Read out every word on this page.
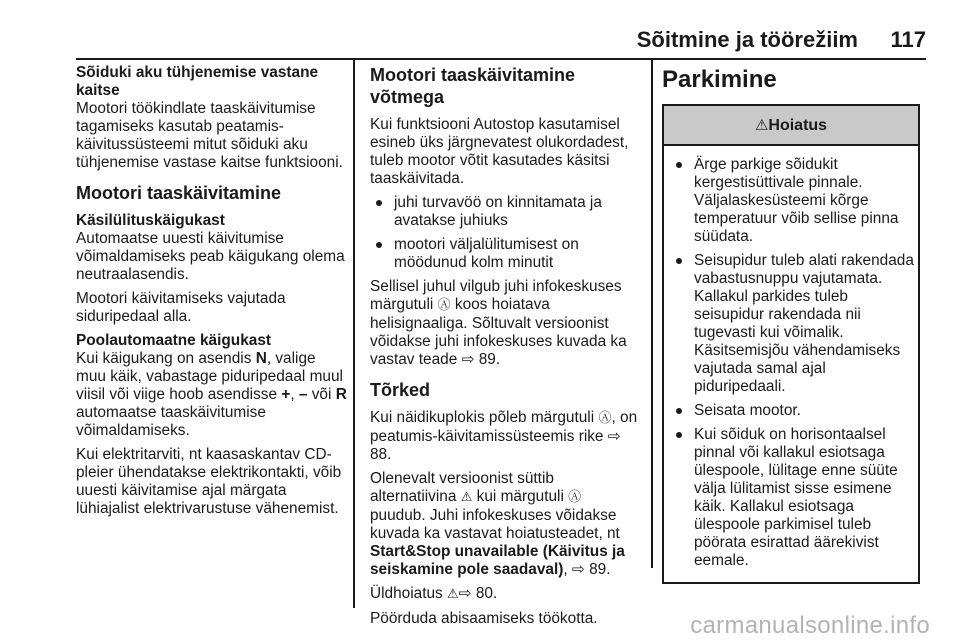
Sõitmine ja töörežiim 117
Sõiduki aku tühjenemise vastane kaitse

Mootori töökindlate taaskäivitumise tagamiseks kasutab peatamis-käivitussüsteemi mitut sõiduki aku tühjenemise vastase kaitse funktsiooni.

Mootori taaskäivitamine
Käsilülituskäigukast

Automaatse uuesti käivitumise võimaldamiseks peab käigukang olema neutraalasendis.

Mootori käivitamiseks vajutada siduripedaal alla.

Poolautomaatne käigukast

Kui käigukang on asendis N, valige muu käik, vabastage piduripedaal muul viisil või viige hoob asendisse +, – või R automaatse taaskäivitumise võimaldamiseks.

Kui elektritarviti, nt kaasaskantav CD-pleier ühendatakse elektrikontakti, võib uuesti käivitamise ajal märgata lühiajalist elektrivarustuse vähenemist.

Mootori taaskäivitamine võtmega

Kui funktsiooni Autostop kasutamisel esineb üks järgnevatest olukordadest, tuleb mootor võtit kasutades käsitsi taaskäivitada.

juhi turvavöö on kinnitamata ja avatakse juhiuks
mootori väljalülitumisest on möödunud kolm minutit

Sellisel juhul vilgub juhi infokeskuses märgutuli Ⓐ koos hoiatava helisignaaliga. Sõltuvalt versioonist võidakse juhi infokeskuses kuvada ka vastav teade ⇨ 89.

Tõrked

Kui näidikuplokis põleb märgutuli Ⓐ, on peatumis-käivitamissüsteemis rike ⇨ 88.

Olenevalt versioonist süttib alternatiivina ⚠ kui märgutuli Ⓐ puudub. Juhi infokeskuses võidakse kuvada ka vastavat hoiatusteadet, nt Start&Stop unavailable (Käivitus ja seiskamine pole saadaval), ⇨ 89.

Üldhoiatus ⚠⇨ 80.

Pöörduda abisaamiseks töökotta.

Parkimine
⚠Hoiatus
Ärge parkige sõidukit kergestisüttivale pinnale. Väljalaskesüsteemi kõrge temperatuur võib sellise pinna süüdata.
Seisupidur tuleb alati rakendada vabastusnuppu vajutamata. Kallakul parkides tuleb seisupidur rakendada nii tugevasti kui võimalik. Käsitsemisjõu vähendamiseks vajutada samal ajal piduripedaali.
Seisata mootor.
Kui sõiduk on horisontaalsel pinnal või kallakul esiotsaga ülespoole, lülitage enne süüte välja lülitamist sisse esimene käik. Kallakul esiotsaga ülespoole parkimisel tuleb pöörata esirattad äärekivist eemale.
carmanualsonline.info
